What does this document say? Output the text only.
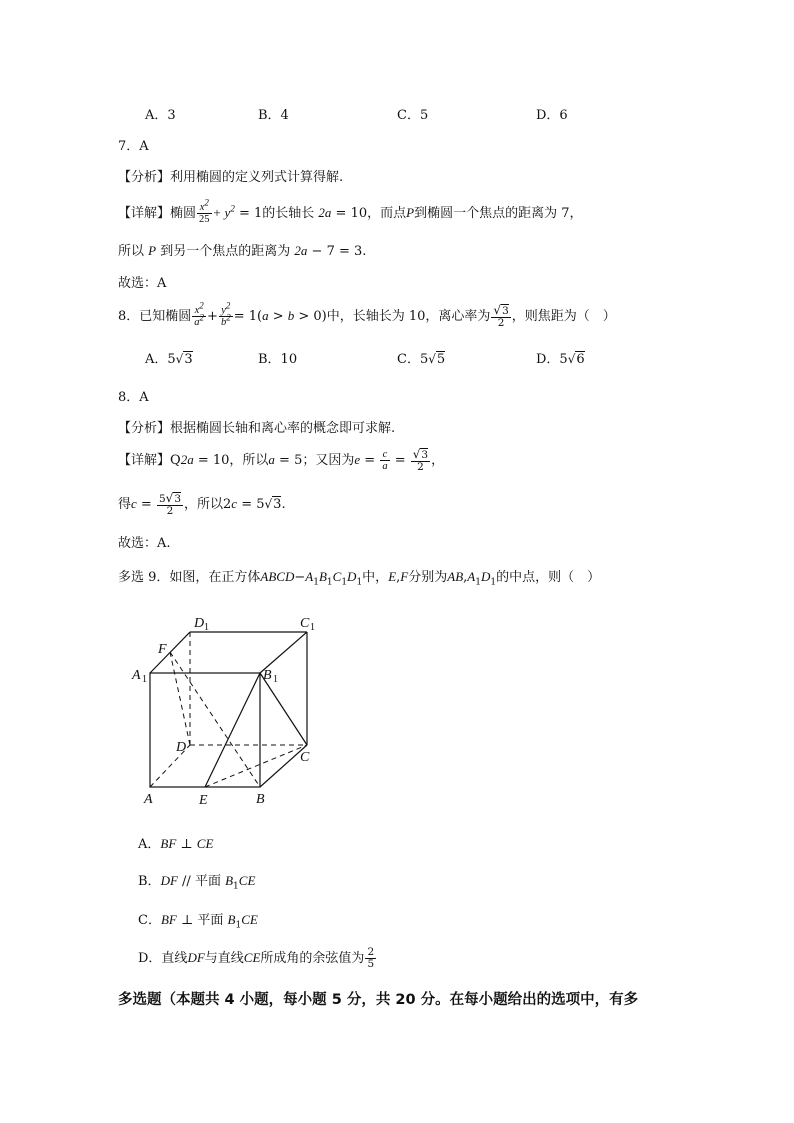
A．3	B．4	C．5	D．6
7．A
【分析】利用椭圆的定义列式计算得解.
【详解】椭圆 $\frac{x^2}{25} + y^2 = 1$的长轴长 2a = 10，而点P到椭圆一个焦点的距离为 7，
所以 P 到另一个焦点的距离为 2a − 7 = 3.
故选：A
8．已知椭圆 $\frac{x^2}{a^2} + \frac{y^2}{b^2} = 1(a > b > 0)$中，长轴长为 10，离心率为 $\frac{√3}{2}$ ，则焦距为（　）
A．5√3	B．10	C．5√5	D．5√6
8．A
【分析】根据椭圆长轴和离心率的概念即可求解.
【详解】Q2a = 10，所以a = 5；又因为$e = \frac{c}{a} = \frac{√3}{2}$ ，
得$c = \frac{5√3}{2}$ ，所以2c = 5√3.
故选：A.
多选 9．如图，在正方体$ABCD-A_1B_1C_1D_1$中，E,F分别为$AB,A_1D_1$的中点，则（　）
D 1	C 1
F
A 1	B 1
D
C
A	E	B
A．BF ⊥ CE
B．DF // 平面 $B_1CE$
C．BF ⊥ 平面 $B_1CE$
D．直线DF与直线CE所成角的余弦值为 $\frac{2}{5}$
多选题（本题共 4 小题，每小题 5 分，共 20 分。在每小题给出的选项中，有多
